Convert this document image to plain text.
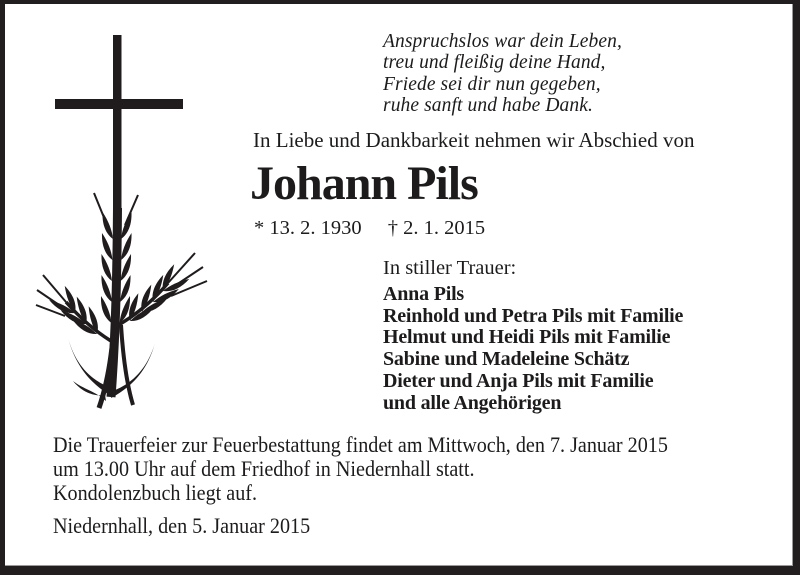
Anspruchslos war dein Leben,
treu und fleißig deine Hand,
Friede sei dir nun gegeben,
ruhe sanft und habe Dank.
In Liebe und Dankbarkeit nehmen wir Abschied von
Johann Pils
* 13. 2. 1930 † 2. 1. 2015
In stiller Trauer:
Anna Pils
Reinhold und Petra Pils mit Familie
Helmut und Heidi Pils mit Familie
Sabine und Madeleine Schätz
Dieter und Anja Pils mit Familie
und alle Angehörigen
Die Trauerfeier zur Feuerbestattung findet am Mittwoch, den 7. Januar 2015
um 13.00 Uhr auf dem Friedhof in Niedernhall statt.
Kondolenzbuch liegt auf.
Niedernhall, den 5. Januar 2015
